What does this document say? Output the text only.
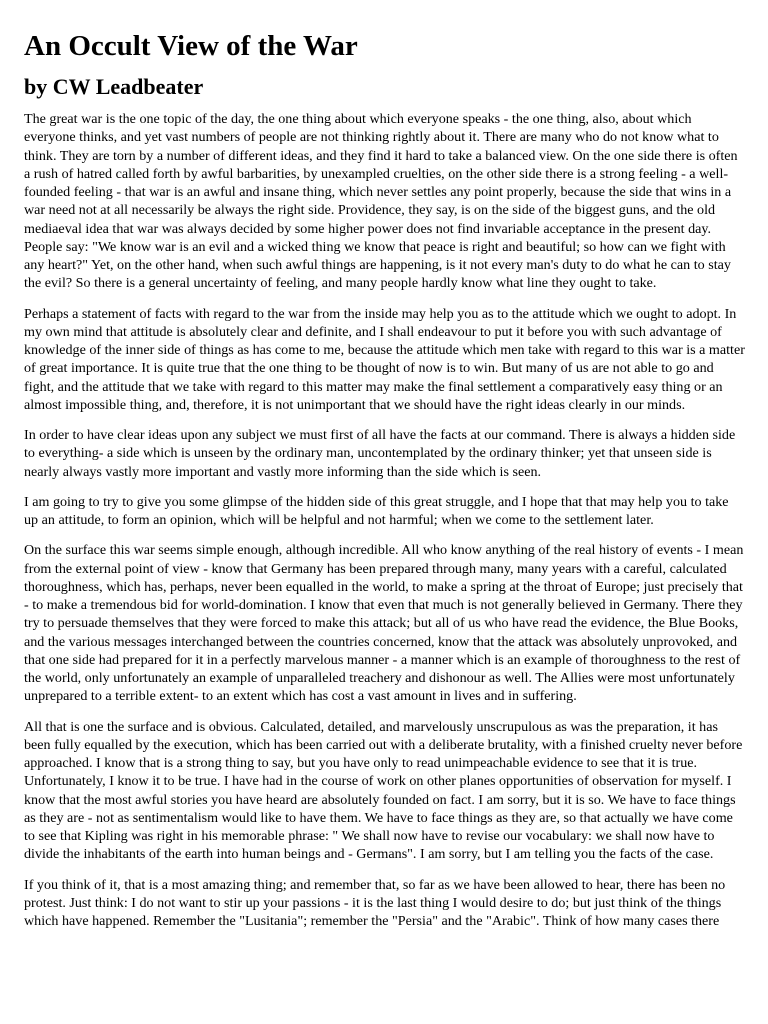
An Occult View of the War
by CW Leadbeater

The great war is the one topic of the day, the one thing about which everyone speaks - the one thing, also, about which everyone thinks, and yet vast numbers of people are not thinking rightly about it. There are many who do not know what to think. They are torn by a number of different ideas, and they find it hard to take a balanced view. On the one side there is often a rush of hatred called forth by awful barbarities, by unexampled cruelties, on the other side there is a strong feeling - a well-founded feeling - that war is an awful and insane thing, which never settles any point properly, because the side that wins in a war need not at all necessarily be always the right side. Providence, they say, is on the side of the biggest guns, and the old mediaeval idea that war was always decided by some higher power does not find invariable acceptance in the present day. People say: "We know war is an evil and a wicked thing we know that peace is right and beautiful; so how can we fight with any heart?" Yet, on the other hand, when such awful things are happening, is it not every man's duty to do what he can to stay the evil? So there is a general uncertainty of feeling, and many people hardly know what line they ought to take.

Perhaps a statement of facts with regard to the war from the inside may help you as to the attitude which we ought to adopt. In my own mind that attitude is absolutely clear and definite, and I shall endeavour to put it before you with such advantage of knowledge of the inner side of things as has come to me, because the attitude which men take with regard to this war is a matter of great importance. It is quite true that the one thing to be thought of now is to win. But many of us are not able to go and fight, and the attitude that we take with regard to this matter may make the final settlement a comparatively easy thing or an almost impossible thing, and, therefore, it is not unimportant that we should have the right ideas clearly in our minds.

In order to have clear ideas upon any subject we must first of all have the facts at our command. There is always a hidden side to everything- a side which is unseen by the ordinary man, uncontemplated by the ordinary thinker; yet that unseen side is nearly always vastly more important and vastly more informing than the side which is seen.

I am going to try to give you some glimpse of the hidden side of this great struggle, and I hope that that may help you to take up an attitude, to form an opinion, which will be helpful and not harmful; when we come to the settlement later.

On the surface this war seems simple enough, although incredible. All who know anything of the real history of events - I mean from the external point of view - know that Germany has been prepared through many, many years with a careful, calculated thoroughness, which has, perhaps, never been equalled in the world, to make a spring at the throat of Europe; just precisely that - to make a tremendous bid for world-domination. I know that even that much is not generally believed in Germany. There they try to persuade themselves that they were forced to make this attack; but all of us who have read the evidence, the Blue Books, and the various messages interchanged between the countries concerned, know that the attack was absolutely unprovoked, and that one side had prepared for it in a perfectly marvelous manner - a manner which is an example of thoroughness to the rest of the world, only unfortunately an example of unparalleled treachery and dishonour as well. The Allies were most unfortunately unprepared to a terrible extent- to an extent which has cost a vast amount in lives and in suffering.

All that is one the surface and is obvious. Calculated, detailed, and marvelously unscrupulous as was the preparation, it has been fully equalled by the execution, which has been carried out with a deliberate brutality, with a finished cruelty never before approached. I know that is a strong thing to say, but you have only to read unimpeachable evidence to see that it is true. Unfortunately, I know it to be true. I have had in the course of work on other planes opportunities of observation for myself. I know that the most awful stories you have heard are absolutely founded on fact. I am sorry, but it is so. We have to face things as they are - not as sentimentalism would like to have them. We have to face things as they are, so that actually we have come to see that Kipling was right in his memorable phrase: " We shall now have to revise our vocabulary: we shall now have to divide the inhabitants of the earth into human beings and - Germans". I am sorry, but I am telling you the facts of the case.

If you think of it, that is a most amazing thing; and remember that, so far as we have been allowed to hear, there has been no protest. Just think: I do not want to stir up your passions - it is the last thing I would desire to do; but just think of the things which have happened. Remember the "Lusitania"; remember the "Persia" and the "Arabic". Think of how many cases there
